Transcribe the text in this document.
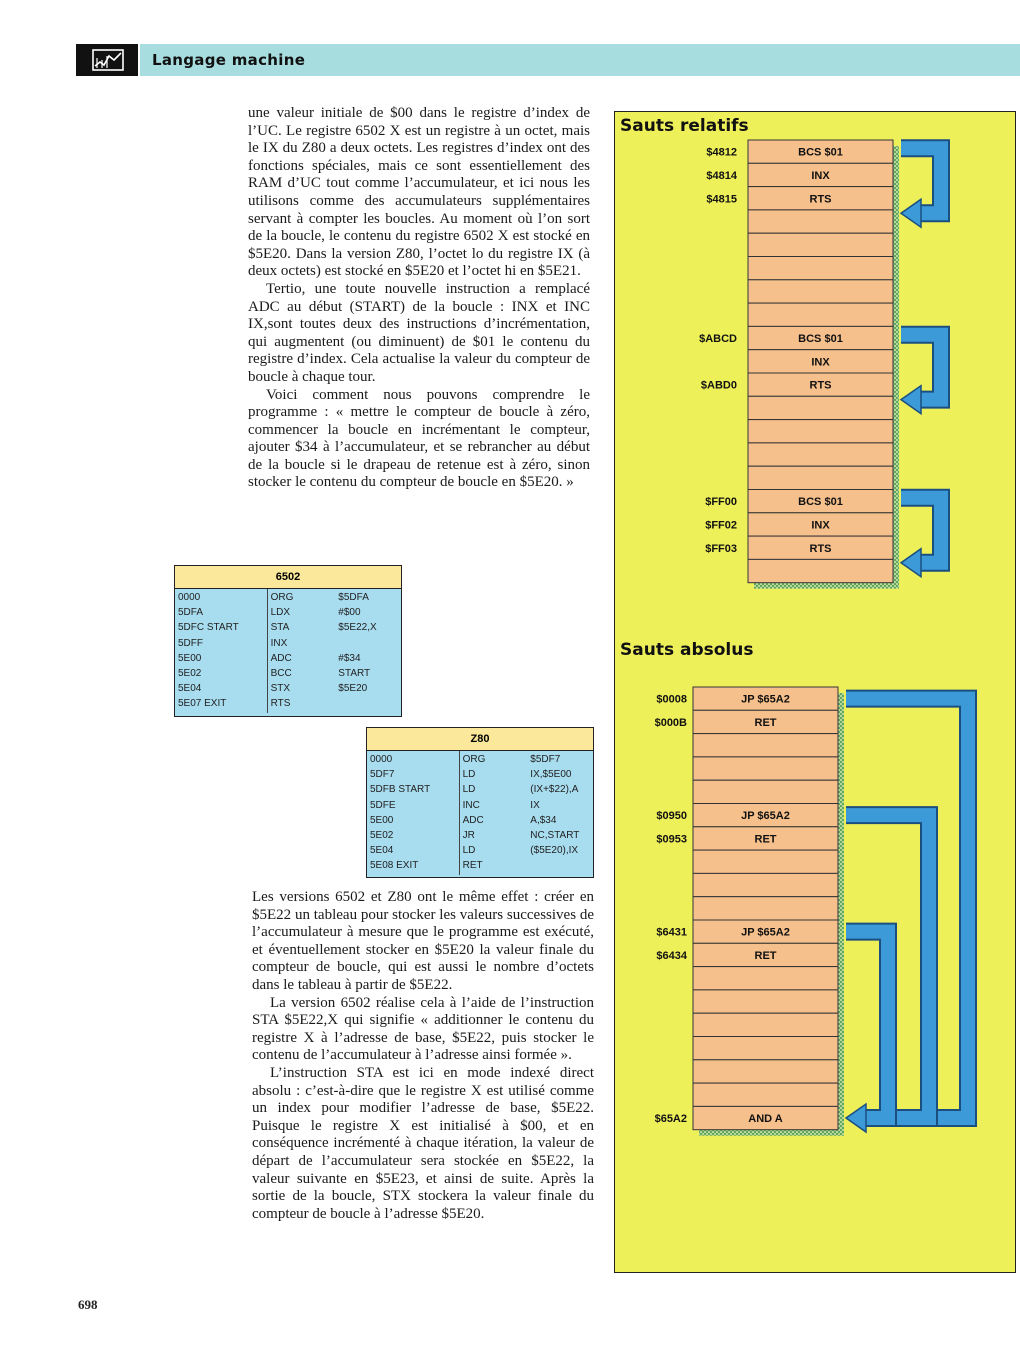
Langage machine

une valeur initiale de $00 dans le registre d’index de l’UC. Le registre 6502 X est un registre à un octet, mais le IX du Z80 a deux octets. Les registres d’index ont des fonctions spéciales, mais ce sont essentiellement des RAM d’UC tout comme l’accumulateur, et ici nous les utilisons comme des accumulateurs supplémentaires servant à compter les boucles. Au moment où l’on sort de la boucle, le contenu du registre 6502 X est stocké en $5E20. Dans la version Z80, l’octet lo du registre IX (à deux octets) est stocké en $5E20 et l’octet hi en $5E21.

Tertio, une toute nouvelle instruction a remplacé ADC au début (START) de la boucle : INX et INC IX,sont toutes deux des instructions d’incrémentation, qui augmentent (ou diminuent) de $01 le contenu du registre d’index. Cela actualise la valeur du compteur de boucle à chaque tour.

Voici comment nous pouvons comprendre le programme : « mettre le compteur de boucle à zéro, commencer la boucle en incrémentant le compteur, ajouter $34 à l’accumulateur, et se rebrancher au début de la boucle si le drapeau de retenue est à zéro, sinon stocker le contenu du compteur de boucle en $5E20. »

6502
0000
5DFA
5DFC START
5DFF
5E00
5E02
5E04
5E07 EXIT
ORG
LDX
STA
INX
ADC
BCC
STX
RTS
$5DFA
#$00
$5E22,X

#$34
START
$5E20

Z80
0000
5DF7
5DFB START
5DFE
5E00
5E02
5E04
5E08 EXIT
ORG
LD
LD
INC
ADC
JR
LD
RET
$5DF7
IX,$5E00
(IX+$22),A
IX
A,$34
NC,START
($5E20),IX

Les versions 6502 et Z80 ont le même effet : créer en $5E22 un tableau pour stocker les valeurs successives de l’accumulateur à mesure que le programme est exécuté, et éventuellement stocker en $5E20 la valeur finale du compteur de boucle, qui est aussi le nombre d’octets dans le tableau à partir de $5E22.

La version 6502 réalise cela à l’aide de l’instruction STA $5E22,X qui signifie « additionner le contenu du registre X à l’adresse de base, $5E22, puis stocker le contenu de l’accumulateur à l’adresse ainsi formée ».

L’instruction STA est ici en mode indexé direct absolu : c’est-à-dire que le registre X est utilisé comme un index pour modifier l’adresse de base, $5E22. Puisque le registre X est initialisé à $00, et en conséquence incrémenté à chaque itération, la valeur de départ de l’accumulateur sera stockée en $5E22, la valeur suivante en $5E23, et ainsi de suite. Après la sortie de la boucle, STX stockera la valeur finale du compteur de boucle à l’adresse $5E20.

Sauts relatifs
Sauts absolus
BCS $01
$4812
INX
$4814
RTS
$4815
BCS $01
$ABCD
INX
RTS
$ABD0
BCS $01
$FF00
INX
$FF02
RTS
$FF03
JP $65A2
$0008
RET
$000B
JP $65A2
$0950
RET
$0953
JP $65A2
$6431
RET
$6434
AND A
$65A2
698
